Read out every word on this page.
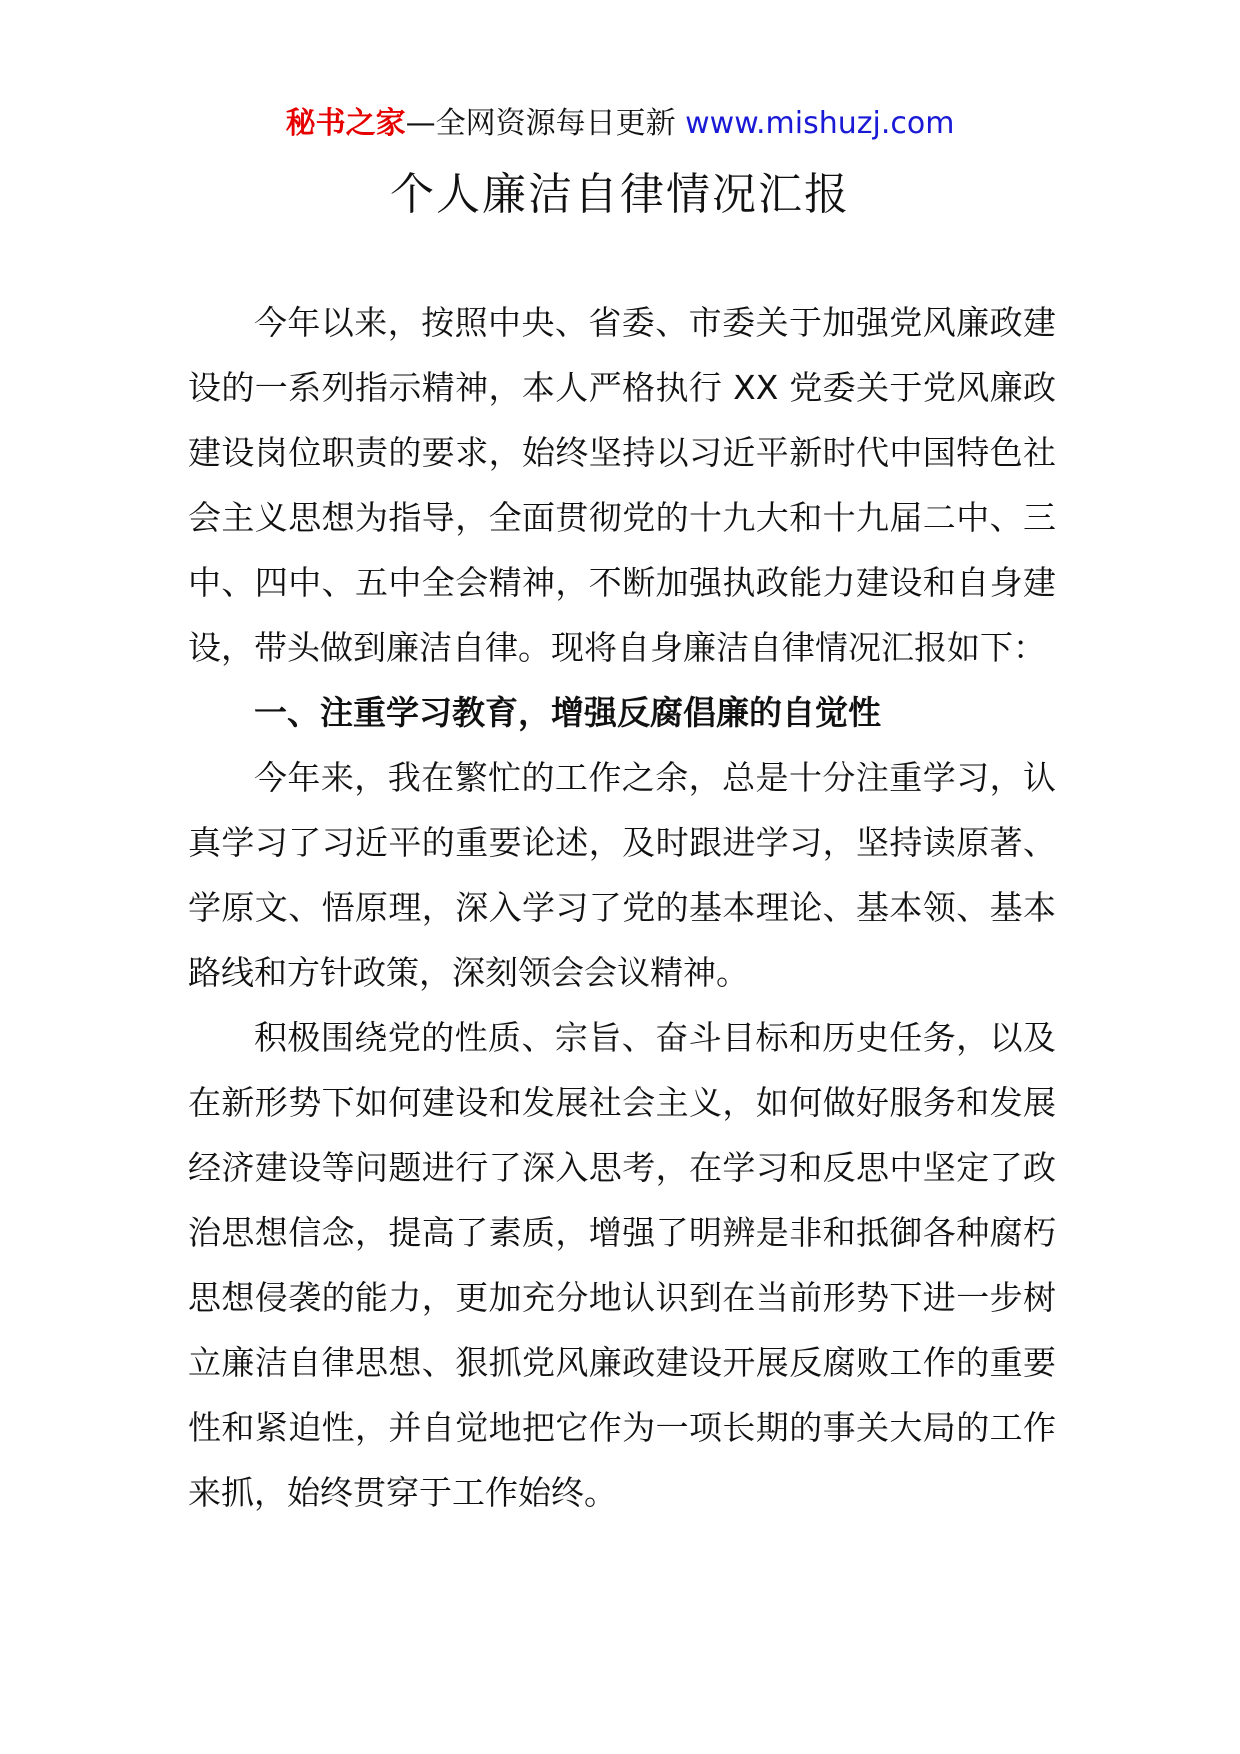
秘书之家—全网资源每日更新 www.mishuzj.com
个人廉洁自律情况汇报

今年以来，按照中央、省委、市委关于加强党风廉政建设的一系列指示精神，本人严格执行 XX 党委关于党风廉政建设岗位职责的要求，始终坚持以习近平新时代中国特色社会主义思想为指导，全面贯彻党的十九大和十九届二中、三中、四中、五中全会精神，不断加强执政能力建设和自身建设，带头做到廉洁自律。现将自身廉洁自律情况汇报如下：

一、注重学习教育，增强反腐倡廉的自觉性

今年来，我在繁忙的工作之余，总是十分注重学习，认真学习了习近平的重要论述，及时跟进学习，坚持读原著、学原文、悟原理，深入学习了党的基本理论、基本领、基本路线和方针政策，深刻领会会议精神。

积极围绕党的性质、宗旨、奋斗目标和历史任务，以及在新形势下如何建设和发展社会主义，如何做好服务和发展经济建设等问题进行了深入思考，在学习和反思中坚定了政治思想信念，提高了素质，增强了明辨是非和抵御各种腐朽思想侵袭的能力，更加充分地认识到在当前形势下进一步树立廉洁自律思想、狠抓党风廉政建设开展反腐败工作的重要性和紧迫性，并自觉地把它作为一项长期的事关大局的工作来抓，始终贯穿于工作始终。
